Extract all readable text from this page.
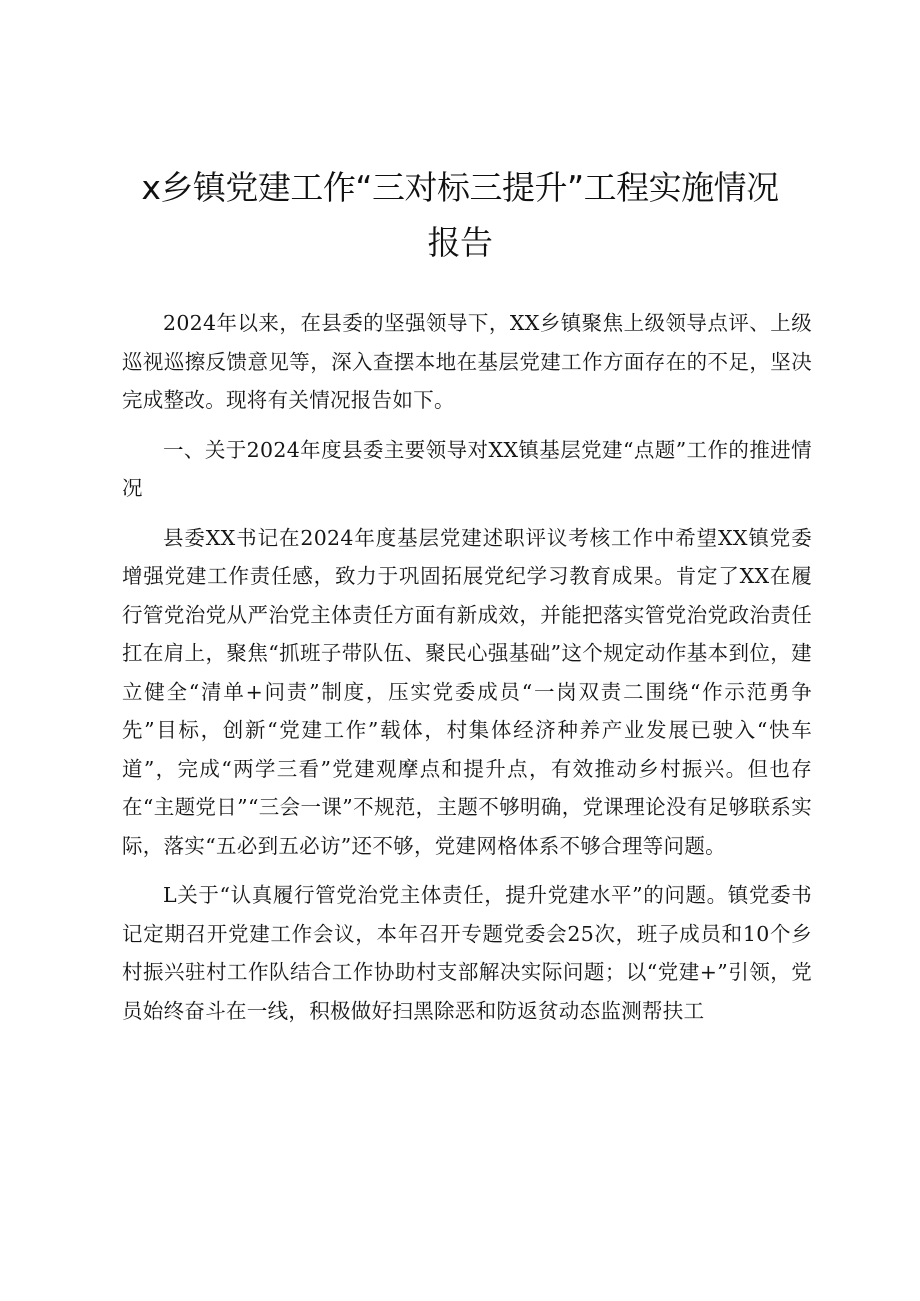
x乡镇党建工作“三对标三提升”工程实施情况
报告

2024年以来，在县委的坚强领导下，XX乡镇聚焦上级领导点评、上级巡视巡擦反馈意见等，深入查摆本地在基层党建工作方面存在的不足，坚决完成整改。现将有关情况报告如下。

一、关于2024年度县委主要领导对XX镇基层党建“点题”工作的推进情况

县委XX书记在2024年度基层党建述职评议考核工作中希望XX镇党委增强党建工作责任感，致力于巩固拓展党纪学习教育成果。肯定了XX在履行管党治党从严治党主体责任方面有新成效，并能把落实管党治党政治责任扛在肩上，聚焦“抓班子带队伍、聚民心强基础”这个规定动作基本到位，建立健全“清单+问责”制度，压实党委成员“一岗双责二围绕“作示范勇争先”目标，创新“党建工作”载体，村集体经济种养产业发展已驶入“快车道”，完成“两学三看”党建观摩点和提升点，有效推动乡村振兴。但也存在“主题党日”“三会一课”不规范，主题不够明确，党课理论没有足够联系实际，落实“五必到五必访”还不够，党建网格体系不够合理等问题。

L关于“认真履行管党治党主体责任，提升党建水平”的问题。镇党委书记定期召开党建工作会议，本年召开专题党委会25次，班子成员和10个乡村振兴驻村工作队结合工作协助村支部解决实际问题；以“党建+”引领，党员始终奋斗在一线，积极做好扫黑除恶和防返贫动态监测帮扶工
